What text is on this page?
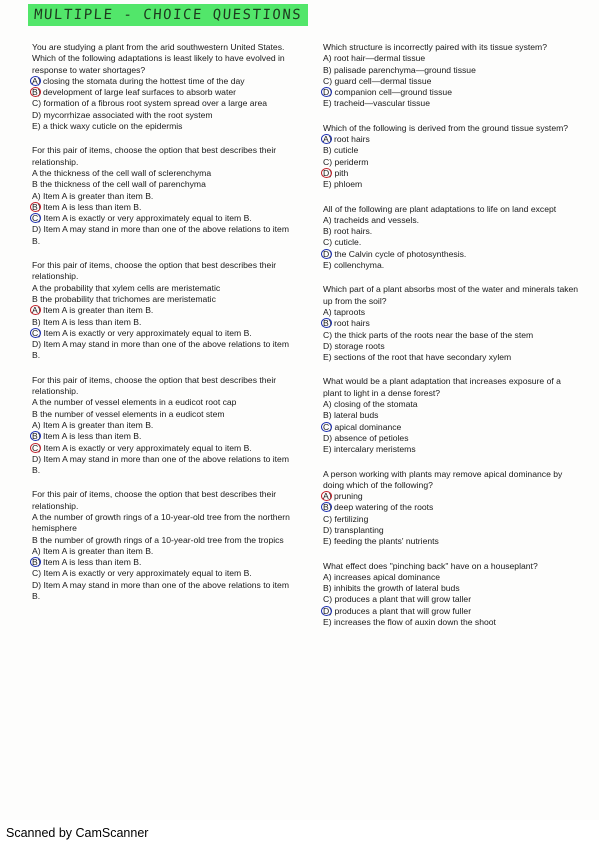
MULTIPLE - CHOICE QUESTIONS
You are studying a plant from the arid southwestern United States. Which of the following adaptations is least likely to have evolved in response to water shortages?
A) closing the stomata during the hottest time of the day
B) development of large leaf surfaces to absorb water
C) formation of a fibrous root system spread over a large area
D) mycorrhizae associated with the root system
E) a thick waxy cuticle on the epidermis
For this pair of items, choose the option that best describes their relationship.
A the thickness of the cell wall of sclerenchyma
B the thickness of the cell wall of parenchyma
A) Item A is greater than item B.
B) Item A is less than item B.
C) Item A is exactly or very approximately equal to item B.
D) Item A may stand in more than one of the above relations to item B.
For this pair of items, choose the option that best describes their relationship.
A the probability that xylem cells are meristematic
B the probability that trichomes are meristematic
A) Item A is greater than item B.
B) Item A is less than item B.
C) Item A is exactly or very approximately equal to item B.
D) Item A may stand in more than one of the above relations to item B.
For this pair of items, choose the option that best describes their relationship.
A the number of vessel elements in a eudicot root cap
B the number of vessel elements in a eudicot stem
A) Item A is greater than item B.
B) Item A is less than item B.
C) Item A is exactly or very approximately equal to item B.
D) Item A may stand in more than one of the above relations to item B.
For this pair of items, choose the option that best describes their relationship.
A the number of growth rings of a 10-year-old tree from the northern hemisphere
B the number of growth rings of a 10-year-old tree from the tropics
A) Item A is greater than item B.
B) Item A is less than item B.
C) Item A is exactly or very approximately equal to item B.
D) Item A may stand in more than one of the above relations to item B.
Which structure is incorrectly paired with its tissue system?
A) root hair—dermal tissue
B) palisade parenchyma—ground tissue
C) guard cell—dermal tissue
D) companion cell—ground tissue
E) tracheid—vascular tissue
Which of the following is derived from the ground tissue system?
A) root hairs
B) cuticle
C) periderm
D) pith
E) phloem
All of the following are plant adaptations to life on land except
A) tracheids and vessels.
B) root hairs.
C) cuticle.
D) the Calvin cycle of photosynthesis.
E) collenchyma.
Which part of a plant absorbs most of the water and minerals taken up from the soil?
A) taproots
B) root hairs
C) the thick parts of the roots near the base of the stem
D) storage roots
E) sections of the root that have secondary xylem
What would be a plant adaptation that increases exposure of a plant to light in a dense forest?
A) closing of the stomata
B) lateral buds
C) apical dominance
D) absence of petioles
E) intercalary meristems
A person working with plants may remove apical dominance by doing which of the following?
A) pruning
B) deep watering of the roots
C) fertilizing
D) transplanting
E) feeding the plants' nutrients
What effect does "pinching back" have on a houseplant?
A) increases apical dominance
B) inhibits the growth of lateral buds
C) produces a plant that will grow taller
D) produces a plant that will grow fuller
E) increases the flow of auxin down the shoot
Scanned by CamScanner
